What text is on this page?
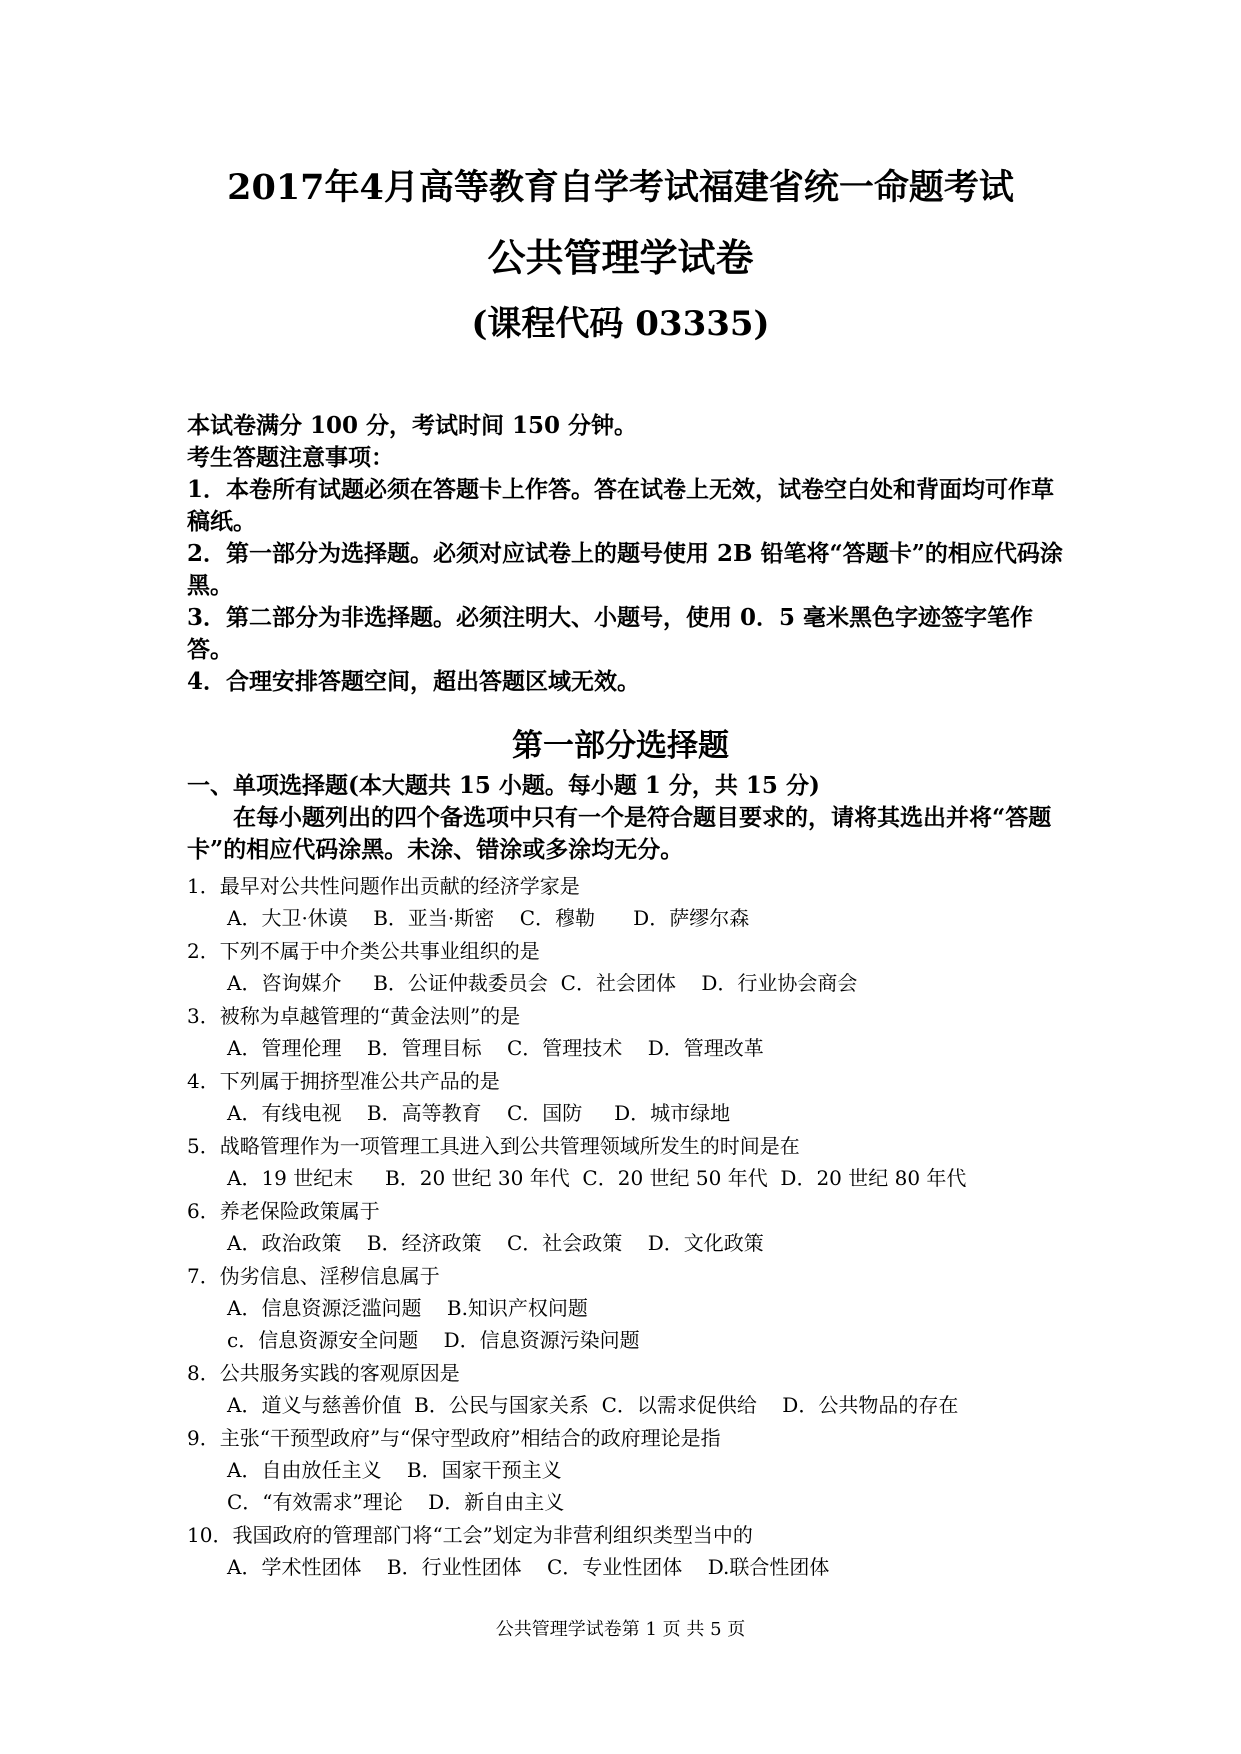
2017年4月高等教育自学考试福建省统一命题考试
公共管理学试卷
(课程代码 03335)

本试卷满分 100 分，考试时间 150 分钟。

考生答题注意事项：

1．本卷所有试题必须在答题卡上作答。答在试卷上无效，试卷空白处和背面均可作草稿纸。

2．第一部分为选择题。必须对应试卷上的题号使用 2B 铅笔将“答题卡”的相应代码涂黑。

3．第二部分为非选择题。必须注明大、小题号，使用 0．5 毫米黑色字迹签字笔作答。

4．合理安排答题空间，超出答题区域无效。

第一部分选择题
一、单项选择题(本大题共 15 小题。每小题 1 分，共 15 分)
在每小题列出的四个备选项中只有一个是符合题目要求的，请将其选出并将“答题卡”的相应代码涂黑。未涂、错涂或多涂均无分。
1．最早对公共性问题作出贡献的经济学家是
A．大卫·休谟    B．亚当·斯密    C．穆勒      D．萨缪尔森
2．下列不属于中介类公共事业组织的是
A．咨询媒介     B．公证仲裁委员会  C．社会团体    D．行业协会商会
3．被称为卓越管理的“黄金法则”的是
A．管理伦理    B．管理目标    C．管理技术    D．管理改革
4．下列属于拥挤型准公共产品的是
A．有线电视    B．高等教育    C．国防     D．城市绿地
5．战略管理作为一项管理工具进入到公共管理领域所发生的时间是在
A．19 世纪末     B．20 世纪 30 年代  C．20 世纪 50 年代  D．20 世纪 80 年代
6．养老保险政策属于
A．政治政策    B．经济政策    C．社会政策    D．文化政策
7．伪劣信息、淫秽信息属于
A．信息资源泛滥问题    B.知识产权问题
c．信息资源安全问题    D．信息资源污染问题
8．公共服务实践的客观原因是
A．道义与慈善价值  B．公民与国家关系  C．以需求促供给    D．公共物品的存在
9．主张“干预型政府”与“保守型政府”相结合的政府理论是指
A．自由放任主义    B．国家干预主义
C．“有效需求”理论    D．新自由主义
10．我国政府的管理部门将“工会”划定为非营利组织类型当中的
A．学术性团体    B．行业性团体    C．专业性团体    D.联合性团体
公共管理学试卷第 1 页 共 5 页
